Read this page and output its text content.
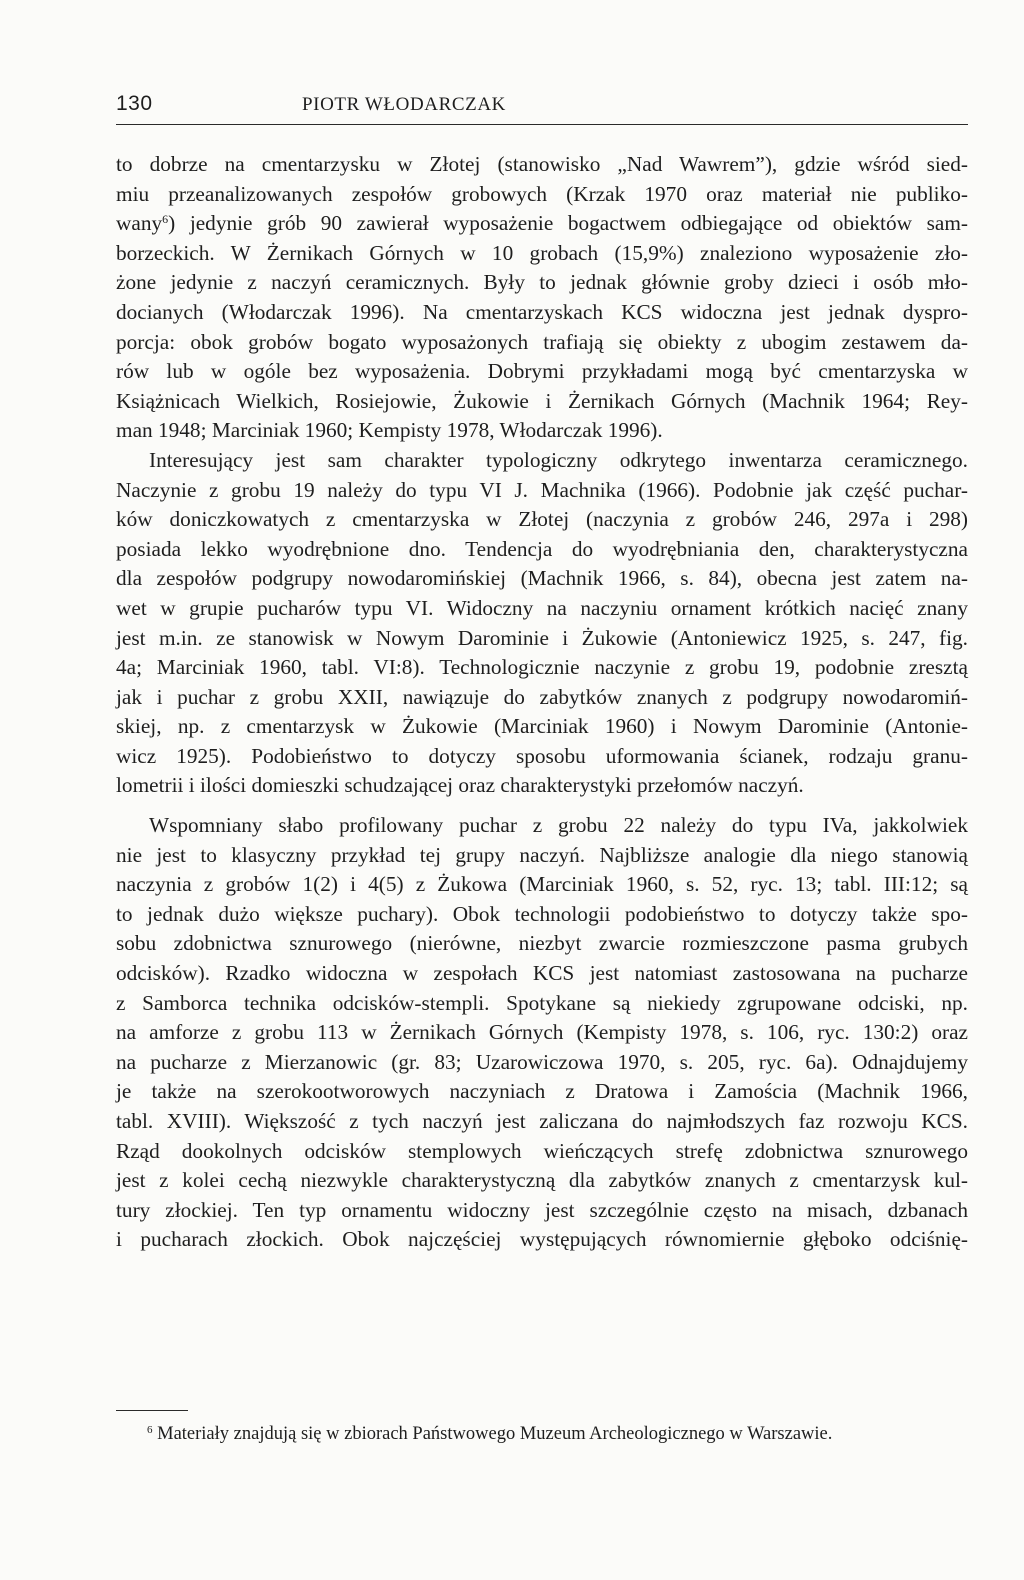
130	PIOTR WŁODARCZAK

to dobrze na cmentarzysku w Złotej (stanowisko „Nad Wawrem”), gdzie wśród sied-
miu przeanalizowanych zespołów grobowych (Krzak 1970 oraz materiał nie publiko-
wany$^6$) jedynie grób 90 zawierał wyposażenie bogactwem odbiegające od obiektów sam-
borzeckich. W Żernikach Górnych w 10 grobach (15,9%) znaleziono wyposażenie zło-
żone jedynie z naczyń ceramicznych. Były to jednak głównie groby dzieci i osób mło-
docianych (Włodarczak 1996). Na cmentarzyskach KCS widoczna jest jednak dyspro-
porcja: obok grobów bogato wyposażonych trafiają się obiekty z ubogim zestawem da-
rów lub w ogóle bez wyposażenia. Dobrymi przykładami mogą być cmentarzyska w
Książnicach Wielkich, Rosiejowie, Żukowie i Żernikach Górnych (Machnik 1964; Rey-
man 1948; Marciniak 1960; Kempisty 1978, Włodarczak 1996).

Interesujący jest sam charakter typologiczny odkrytego inwentarza ceramicznego.
Naczynie z grobu 19 należy do typu VI J. Machnika (1966). Podobnie jak część puchar-
ków doniczkowatych z cmentarzyska w Złotej (naczynia z grobów 246, 297a i 298)
posiada lekko wyodrębnione dno. Tendencja do wyodrębniania den, charakterystyczna
dla zespołów podgrupy nowodaromińskiej (Machnik 1966, s. 84), obecna jest zatem na-
wet w grupie pucharów typu VI. Widoczny na naczyniu ornament krótkich nacięć znany
jest m.in. ze stanowisk w Nowym Darominie i Żukowie (Antoniewicz 1925, s. 247, fig.
4a; Marciniak 1960, tabl. VI:8). Technologicznie naczynie z grobu 19, podobnie zresztą
jak i puchar z grobu XXII, nawiązuje do zabytków znanych z podgrupy nowodaromiń-
skiej, np. z cmentarzysk w Żukowie (Marciniak 1960) i Nowym Darominie (Antonie-
wicz 1925). Podobieństwo to dotyczy sposobu uformowania ścianek, rodzaju granu-
lometrii i ilości domieszki schudzającej oraz charakterystyki przełomów naczyń.

Wspomniany słabo profilowany puchar z grobu 22 należy do typu IVa, jakkolwiek
nie jest to klasyczny przykład tej grupy naczyń. Najbliższe analogie dla niego stanowią
naczynia z grobów 1(2) i 4(5) z Żukowa (Marciniak 1960, s. 52, ryc. 13; tabl. III:12; są
to jednak dużo większe puchary). Obok technologii podobieństwo to dotyczy także spo-
sobu zdobnictwa sznurowego (nierówne, niezbyt zwarcie rozmieszczone pasma grubych
odcisków). Rzadko widoczna w zespołach KCS jest natomiast zastosowana na pucharze
z Samborca technika odcisków-stempli. Spotykane są niekiedy zgrupowane odciski, np.
na amforze z grobu 113 w Żernikach Górnych (Kempisty 1978, s. 106, ryc. 130:2) oraz
na pucharze z Mierzanowic (gr. 83; Uzarowiczowa 1970, s. 205, ryc. 6a). Odnajdujemy
je także na szerokootworowych naczyniach z Dratowa i Zamościa (Machnik 1966,
tabl. XVIII). Większość z tych naczyń jest zaliczana do najmłodszych faz rozwoju KCS.
Rząd dookolnych odcisków stemplowych wieńczących strefę zdobnictwa sznurowego
jest z kolei cechą niezwykle charakterystyczną dla zabytków znanych z cmentarzysk kul-
tury złockiej. Ten typ ornamentu widoczny jest szczególnie często na misach, dzbanach
i pucharach złockich. Obok najczęściej występujących równomiernie głęboko odciśnię-

$^6$ Materiały znajdują się w zbiorach Państwowego Muzeum Archeologicznego w Warszawie.
